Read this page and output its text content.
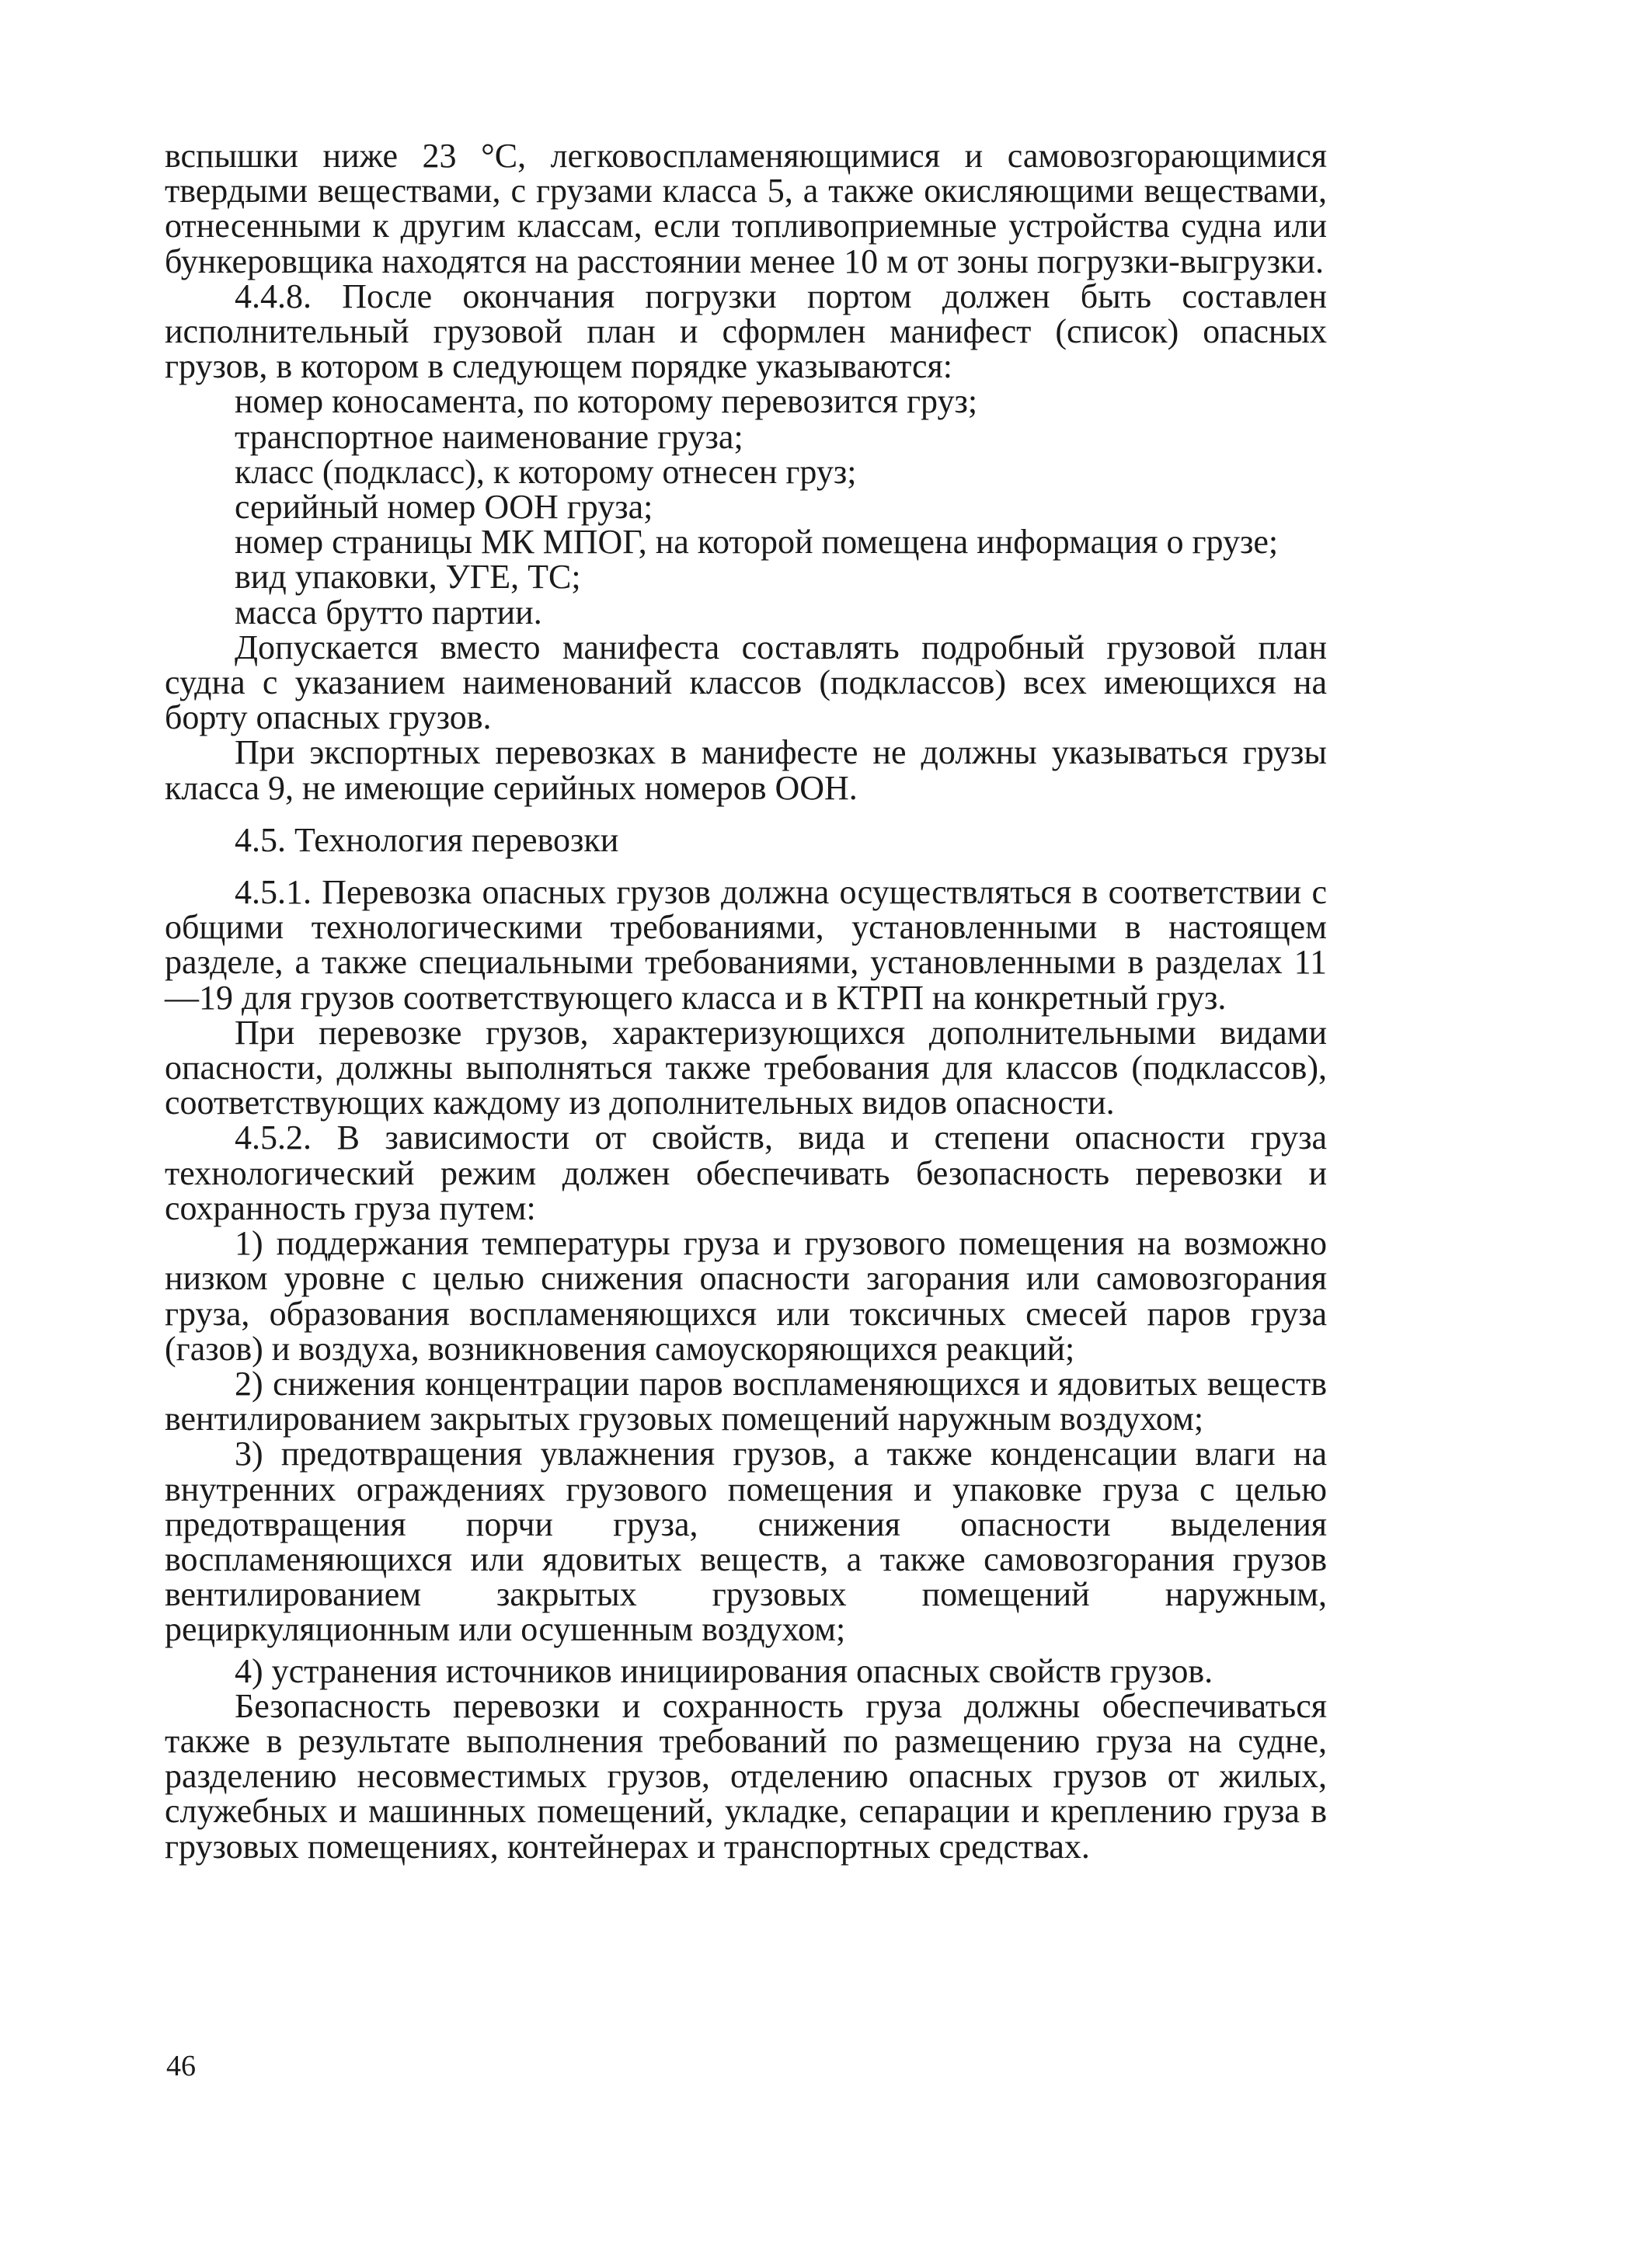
вспышки ниже 23 °С, легковоспламеняющимися и самовозгорающимися твердыми веществами, с грузами класса 5, а также окисляющими веществами, отнесенными к другим классам, если топливоприемные устройства судна или бункеровщика находятся на расстоянии менее 10 м от зоны погрузки-выгрузки.

4.4.8. После окончания погрузки портом должен быть составлен исполнительный грузовой план и сформлен манифест (список) опасных грузов, в котором в следующем порядке указываются:

номер коносамента, по которому перевозится груз;

транспортное наименование груза;

класс (подкласс), к которому отнесен груз;

серийный номер ООН груза;

номер страницы МК МПОГ, на которой помещена информация о грузе;

вид упаковки, УГЕ, ТС;

масса брутто партии.

Допускается вместо манифеста составлять подробный грузовой план судна с указанием наименований классов (подклассов) всех имеющихся на борту опасных грузов.

При экспортных перевозках в манифесте не должны указываться грузы класса 9, не имеющие серийных номеров ООН.

4.5. Технология перевозки

4.5.1. Перевозка опасных грузов должна осуществляться в соответствии с общими технологическими требованиями, установленными в настоящем разделе, а также специальными требованиями, установленными в разделах 11—19 для грузов соответствующего класса и в КТРП на конкретный груз.

При перевозке грузов, характеризующихся дополнительными видами опасности, должны выполняться также требования для классов (подклассов), соответствующих каждому из дополнительных видов опасности.

4.5.2. В зависимости от свойств, вида и степени опасности груза технологический режим должен обеспечивать безопасность перевозки и сохранность груза путем:

1) поддержания температуры груза и грузового помещения на возможно низком уровне с целью снижения опасности загорания или самовозгорания груза, образования воспламеняющихся или токсичных смесей паров груза (газов) и воздуха, возникновения самоускоряющихся реакций;

2) снижения концентрации паров воспламеняющихся и ядовитых веществ вентилированием закрытых грузовых помещений наружным воздухом;

3) предотвращения увлажнения грузов, а также конденсации влаги на внутренних ограждениях грузового помещения и упаковке груза с целью предотвращения порчи груза, снижения опасности выделения воспламеняющихся или ядовитых веществ, а также самовозгорания грузов вентилированием закрытых грузовых помещений наружным, рециркуляционным или осушенным воздухом;

4) устранения источников инициирования опасных свойств грузов.

Безопасность перевозки и сохранность груза должны обеспечиваться также в результате выполнения требований по размещению груза на судне, разделению несовместимых грузов, отделению опасных грузов от жилых, служебных и машинных помещений, укладке, сепарации и креплению груза в грузовых помещениях, контейнерах и транспортных средствах.

46
